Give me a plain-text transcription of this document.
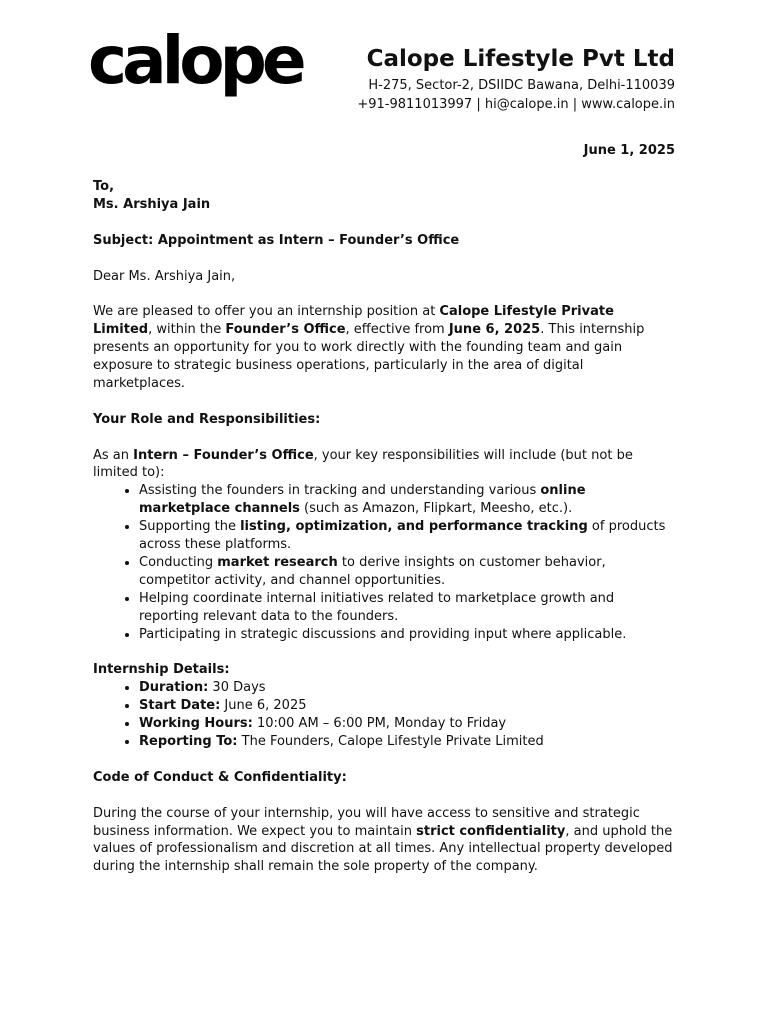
calope	Calope Lifestyle Pvt Ltd
H-275, Sector-2, DSIIDC Bawana, Delhi-110039
+91-9811013997 | hi@calope.in | www.calope.in
June 1, 2025

To,

Ms. Arshiya Jain

Subject: Appointment as Intern – Founder’s Office

Dear Ms. Arshiya Jain,

We are pleased to offer you an internship position at Calope Lifestyle Private Limited, within the Founder’s Office, effective from June 6, 2025. This internship presents an opportunity for you to work directly with the founding team and gain exposure to strategic business operations, particularly in the area of digital marketplaces.

Your Role and Responsibilities:

As an Intern – Founder’s Office, your key responsibilities will include (but not be limited to):

• Assisting the founders in tracking and understanding various online marketplace channels (such as Amazon, Flipkart, Meesho, etc.).
• Supporting the listing, optimization, and performance tracking of products across these platforms.
• Conducting market research to derive insights on customer behavior, competitor activity, and channel opportunities.
• Helping coordinate internal initiatives related to marketplace growth and reporting relevant data to the founders.
• Participating in strategic discussions and providing input where applicable.

Internship Details:

• Duration: 30 Days
• Start Date: June 6, 2025
• Working Hours: 10:00 AM – 6:00 PM, Monday to Friday
• Reporting To: The Founders, Calope Lifestyle Private Limited

Code of Conduct & Confidentiality:

During the course of your internship, you will have access to sensitive and strategic business information. We expect you to maintain strict confidentiality, and uphold the values of professionalism and discretion at all times. Any intellectual property developed during the internship shall remain the sole property of the company.
